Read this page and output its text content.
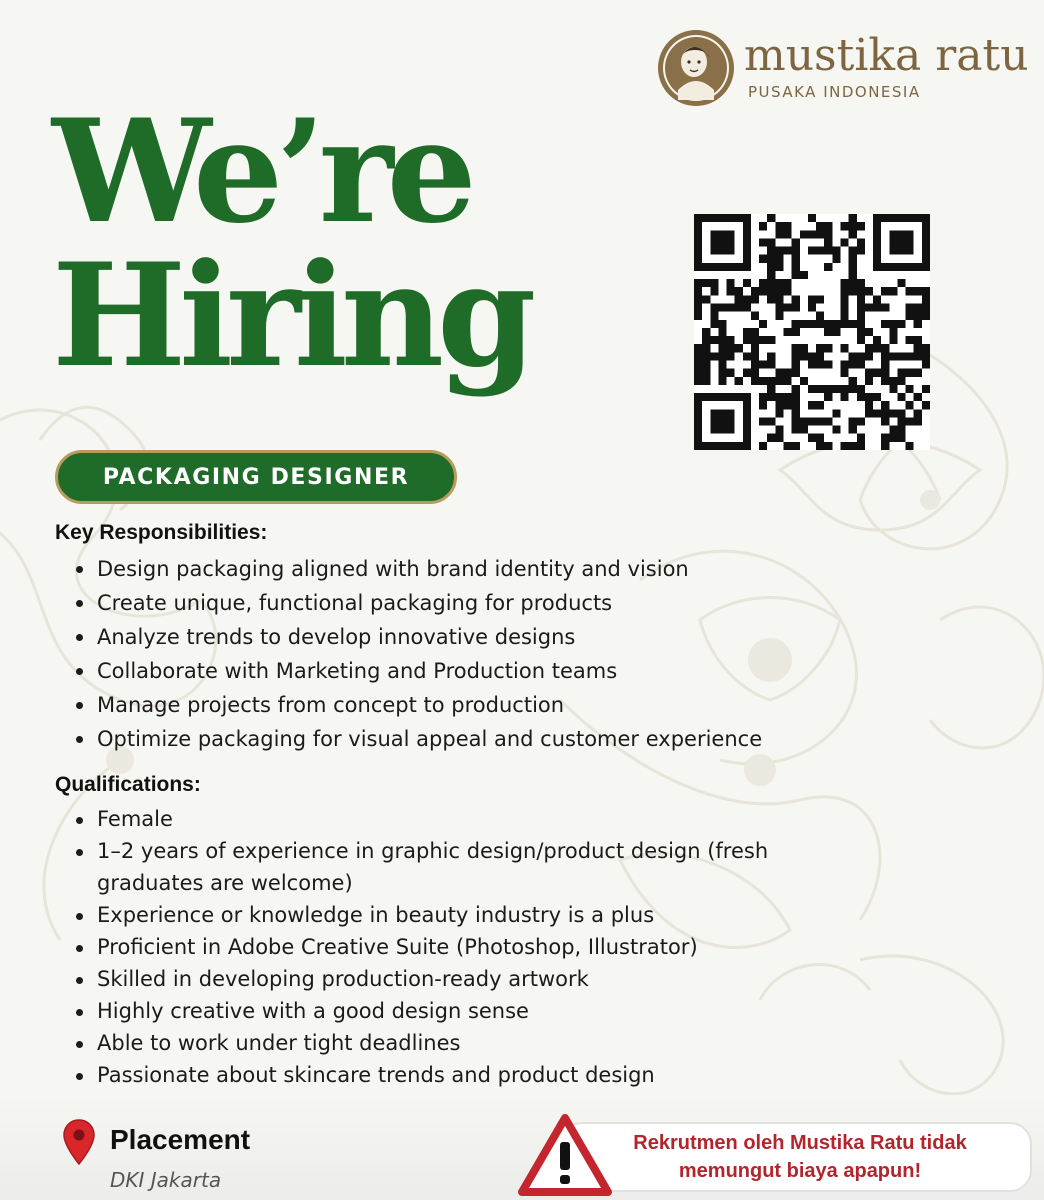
mustika ratu
PUSAKA INDONESIA
We’re
Hiring
PACKAGING DESIGNER
Key Responsibilities:
Design packaging aligned with brand identity and vision
Create unique, functional packaging for products
Analyze trends to develop innovative designs
Collaborate with Marketing and Production teams
Manage projects from concept to production
Optimize packaging for visual appeal and customer experience
Qualifications:
Female
1–2 years of experience in graphic design/product design (fresh graduates are welcome)
Experience or knowledge in beauty industry is a plus
Proficient in Adobe Creative Suite (Photoshop, Illustrator)
Skilled in developing production-ready artwork
Highly creative with a good design sense
Able to work under tight deadlines
Passionate about skincare trends and product design
Placement
DKI Jakarta
Rekrutmen oleh Mustika Ratu tidak
memungut biaya apapun!
